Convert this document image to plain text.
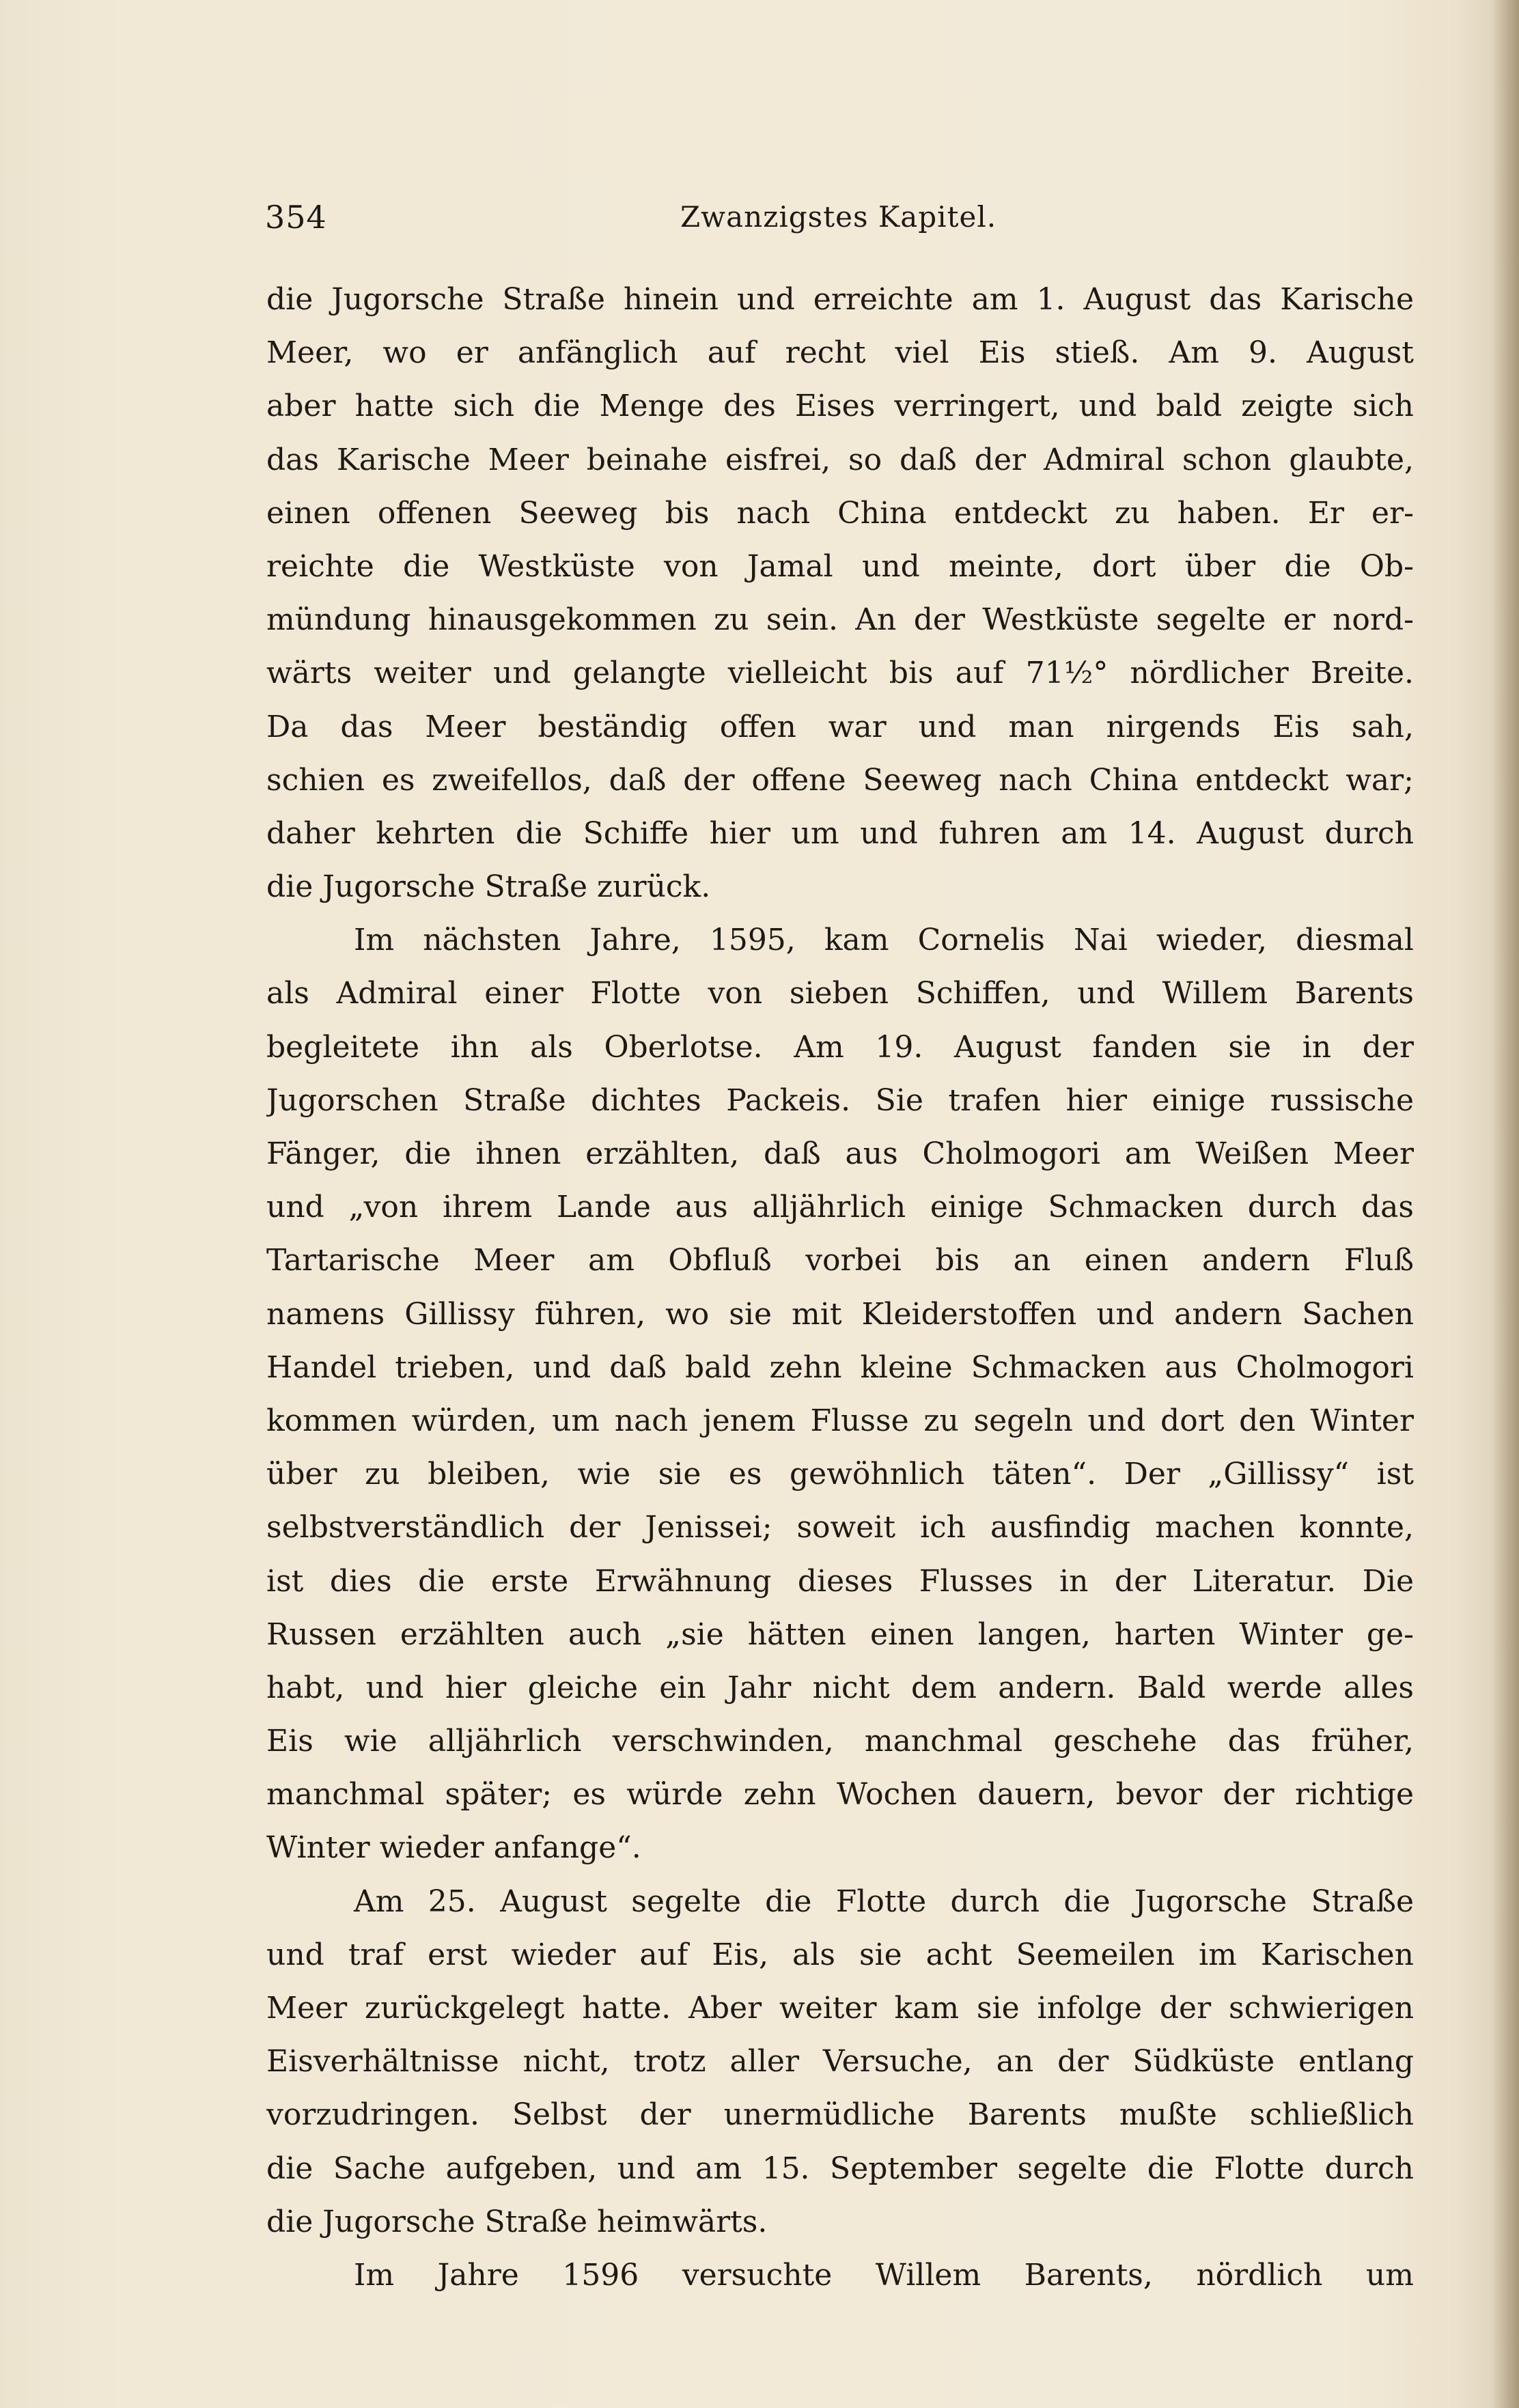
354	Zwanzigstes Kapitel.
die Jugorsche Straße hinein und erreichte am 1. August das Karische
Meer, wo er anfänglich auf recht viel Eis stieß. Am 9. August
aber hatte sich die Menge des Eises verringert, und bald zeigte sich
das Karische Meer beinahe eisfrei, so daß der Admiral schon glaubte,
einen offenen Seeweg bis nach China entdeckt zu haben. Er er-
reichte die Westküste von Jamal und meinte, dort über die Ob-
mündung hinausgekommen zu sein. An der Westküste segelte er nord-
wärts weiter und gelangte vielleicht bis auf 71½° nördlicher Breite.
Da das Meer beständig offen war und man nirgends Eis sah,
schien es zweifellos, daß der offene Seeweg nach China entdeckt war;
daher kehrten die Schiffe hier um und fuhren am 14. August durch
die Jugorsche Straße zurück.
Im nächsten Jahre, 1595, kam Cornelis Nai wieder, diesmal
als Admiral einer Flotte von sieben Schiffen, und Willem Barents
begleitete ihn als Oberlotse. Am 19. August fanden sie in der
Jugorschen Straße dichtes Packeis. Sie trafen hier einige russische
Fänger, die ihnen erzählten, daß aus Cholmogori am Weißen Meer
und „von ihrem Lande aus alljährlich einige Schmacken durch das
Tartarische Meer am Obfluß vorbei bis an einen andern Fluß
namens Gillissy führen, wo sie mit Kleiderstoffen und andern Sachen
Handel trieben, und daß bald zehn kleine Schmacken aus Cholmogori
kommen würden, um nach jenem Flusse zu segeln und dort den Winter
über zu bleiben, wie sie es gewöhnlich täten“. Der „Gillissy“ ist
selbstverständlich der Jenissei; soweit ich ausfindig machen konnte,
ist dies die erste Erwähnung dieses Flusses in der Literatur. Die
Russen erzählten auch „sie hätten einen langen, harten Winter ge-
habt, und hier gleiche ein Jahr nicht dem andern. Bald werde alles
Eis wie alljährlich verschwinden, manchmal geschehe das früher,
manchmal später; es würde zehn Wochen dauern, bevor der richtige
Winter wieder anfange“.
Am 25. August segelte die Flotte durch die Jugorsche Straße
und traf erst wieder auf Eis, als sie acht Seemeilen im Karischen
Meer zurückgelegt hatte. Aber weiter kam sie infolge der schwierigen
Eisverhältnisse nicht, trotz aller Versuche, an der Südküste entlang
vorzudringen. Selbst der unermüdliche Barents mußte schließlich
die Sache aufgeben, und am 15. September segelte die Flotte durch
die Jugorsche Straße heimwärts.
Im Jahre 1596 versuchte Willem Barents, nördlich um
